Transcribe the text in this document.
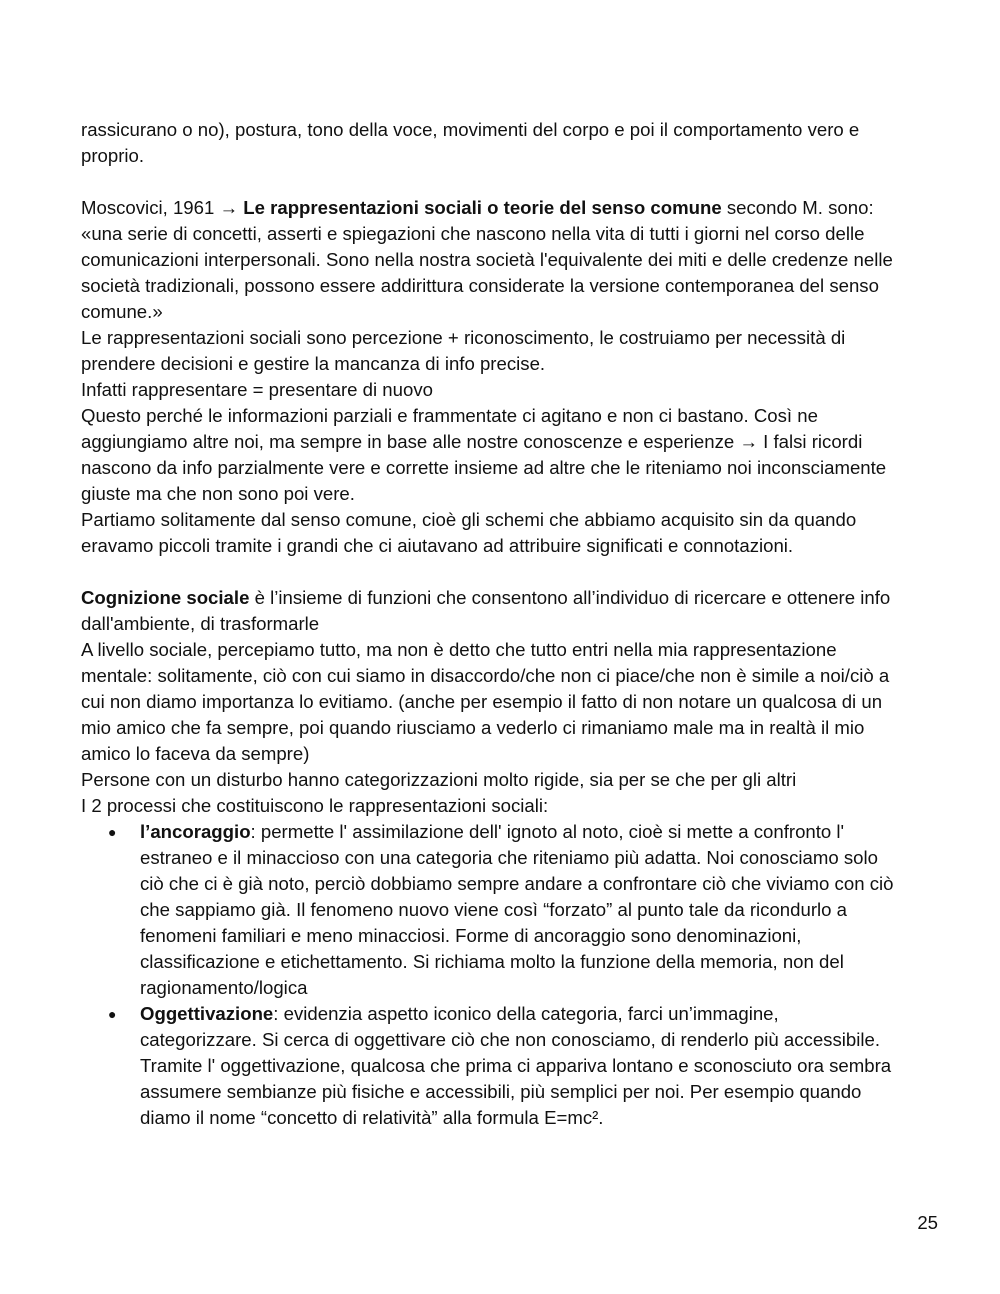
rassicurano o no), postura, tono della voce, movimenti del corpo e poi il comportamento vero e
proprio.
Moscovici, 1961 → Le rappresentazioni sociali o teorie del senso comune secondo M. sono:
«una serie di concetti, asserti e spiegazioni che nascono nella vita di tutti i giorni nel corso delle
comunicazioni interpersonali. Sono nella nostra società l'equivalente dei miti e delle credenze nelle
società tradizionali, possono essere addirittura considerate la versione contemporanea del senso
comune.»
Le rappresentazioni sociali sono percezione + riconoscimento, le costruiamo per necessità di
prendere decisioni e gestire la mancanza di info precise.
Infatti rappresentare = presentare di nuovo
Questo perché le informazioni parziali e frammentate ci agitano e non ci bastano. Così ne
aggiungiamo altre noi, ma sempre in base alle nostre conoscenze e esperienze → I falsi ricordi
nascono da info parzialmente vere e corrette insieme ad altre che le riteniamo noi inconsciamente
giuste ma che non sono poi vere.
Partiamo solitamente dal senso comune, cioè gli schemi che abbiamo acquisito sin da quando
eravamo piccoli tramite i grandi che ci aiutavano ad attribuire significati e connotazioni.
Cognizione sociale è l’insieme di funzioni che consentono all’individuo di ricercare e ottenere info
dall'ambiente, di trasformarle
A livello sociale, percepiamo tutto, ma non è detto che tutto entri nella mia rappresentazione
mentale: solitamente, ciò con cui siamo in disaccordo/che non ci piace/che non è simile a noi/ciò a
cui non diamo importanza lo evitiamo. (anche per esempio il fatto di non notare un qualcosa di un
mio amico che fa sempre, poi quando riusciamo a vederlo ci rimaniamo male ma in realtà il mio
amico lo faceva da sempre)
Persone con un disturbo hanno categorizzazioni molto rigide, sia per se che per gli altri
I 2 processi che costituiscono le rappresentazioni sociali:
● l’ancoraggio: permette l' assimilazione dell' ignoto al noto, cioè si mette a confronto l'
estraneo e il minaccioso con una categoria che riteniamo più adatta. Noi conosciamo solo
ciò che ci è già noto, perciò dobbiamo sempre andare a confrontare ciò che viviamo con ciò
che sappiamo già. Il fenomeno nuovo viene così “forzato” al punto tale da ricondurlo a
fenomeni familiari e meno minacciosi. Forme di ancoraggio sono denominazioni,
classificazione e etichettamento. Si richiama molto la funzione della memoria, non del
ragionamento/logica
● Oggettivazione: evidenzia aspetto iconico della categoria, farci un’immagine,
categorizzare. Si cerca di oggettivare ciò che non conosciamo, di renderlo più accessibile.
Tramite l' oggettivazione, qualcosa che prima ci appariva lontano e sconosciuto ora sembra
assumere sembianze più fisiche e accessibili, più semplici per noi. Per esempio quando
diamo il nome “concetto di relatività” alla formula E=mc².
25
